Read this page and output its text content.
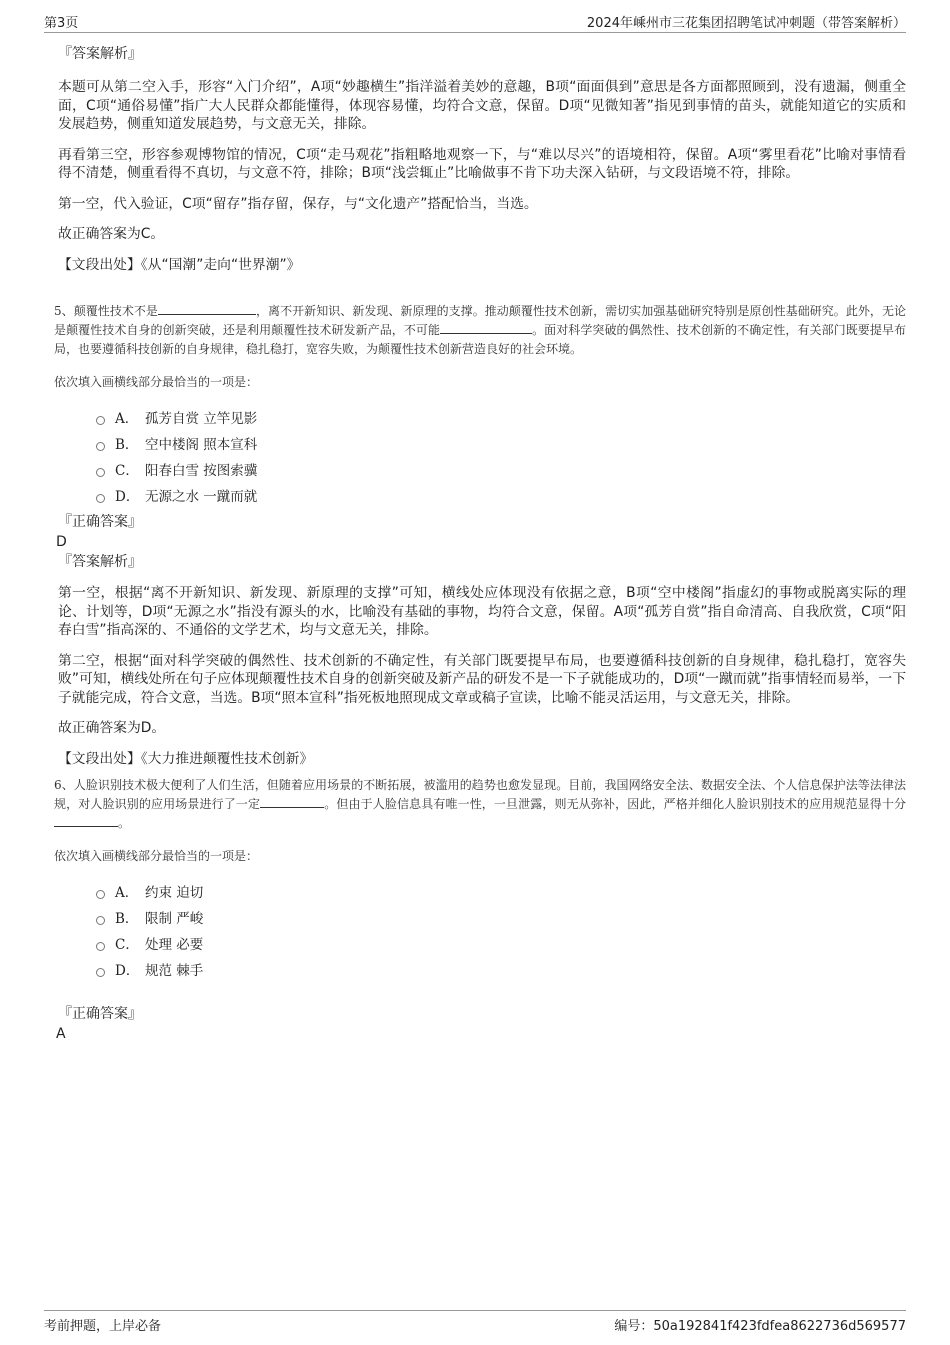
第3页	2024年嵊州市三花集团招聘笔试冲刺题（带答案解析）
『答案解析』

本题可从第二空入手，形容“入门介绍”，A项“妙趣横生”指洋溢着美妙的意趣，B项“面面俱到”意思是各方面都照顾到，没有遗漏，侧重全面，C项“通俗易懂”指广大人民群众都能懂得，体现容易懂，均符合文意，保留。D项“见微知著”指见到事情的苗头，就能知道它的实质和发展趋势，侧重知道发展趋势，与文意无关，排除。

再看第三空，形容参观博物馆的情况，C项“走马观花”指粗略地观察一下，与“难以尽兴”的语境相符，保留。A项“雾里看花”比喻对事情看得不清楚，侧重看得不真切，与文意不符，排除；B项“浅尝辄止”比喻做事不肯下功夫深入钻研，与文段语境不符，排除。

第一空，代入验证，C项“留存”指存留，保存，与“文化遗产”搭配恰当，当选。

故正确答案为C。

【文段出处】《从“国潮”走向“世界潮”》

5、颠覆性技术不是	，离不开新知识、新发现、新原理的支撑。推动颠覆性技术创新，需切实加强基础研究特别是原创性基础研究。此外，无论是颠覆性技术自身的创新突破，还是利用颠覆性技术研发新产品，不可能	。面对科学突破的偶然性、技术创新的不确定性，有关部门既要提早布局，也要遵循科技创新的自身规律，稳扎稳打，宽容失败，为颠覆性技术创新营造良好的社会环境。

依次填入画横线部分最恰当的一项是：

A． 孤芳自赏 立竿见影
B． 空中楼阁 照本宣科
C． 阳春白雪 按图索骥
D． 无源之水 一蹴而就
『正确答案』
D
『答案解析』

第一空，根据“离不开新知识、新发现、新原理的支撑”可知，横线处应体现没有依据之意，B项“空中楼阁”指虚幻的事物或脱离实际的理论、计划等，D项“无源之水”指没有源头的水，比喻没有基础的事物，均符合文意，保留。A项“孤芳自赏”指自命清高、自我欣赏，C项“阳春白雪”指高深的、不通俗的文学艺术，均与文意无关，排除。

第二空，根据“面对科学突破的偶然性、技术创新的不确定性，有关部门既要提早布局，也要遵循科技创新的自身规律，稳扎稳打，宽容失败”可知，横线处所在句子应体现颠覆性技术自身的创新突破及新产品的研发不是一下子就能成功的，D项“一蹴而就”指事情轻而易举，一下子就能完成，符合文意，当选。B项“照本宣科”指死板地照现成文章或稿子宣读，比喻不能灵活运用，与文意无关，排除。

故正确答案为D。

【文段出处】《大力推进颠覆性技术创新》

6、人脸识别技术极大便利了人们生活，但随着应用场景的不断拓展，被滥用的趋势也愈发显现。目前，我国网络安全法、数据安全法、个人信息保护法等法律法规，对人脸识别的应用场景进行了一定	。但由于人脸信息具有唯一性，一旦泄露，则无从弥补，因此，严格并细化人脸识别技术的应用规范显得十分。

依次填入画横线部分最恰当的一项是：

A． 约束 迫切
B． 限制 严峻
C． 处理 必要
D． 规范 棘手
『正确答案』
A
考前押题，上岸必备	编号：50a192841f423fdfea8622736d569577
